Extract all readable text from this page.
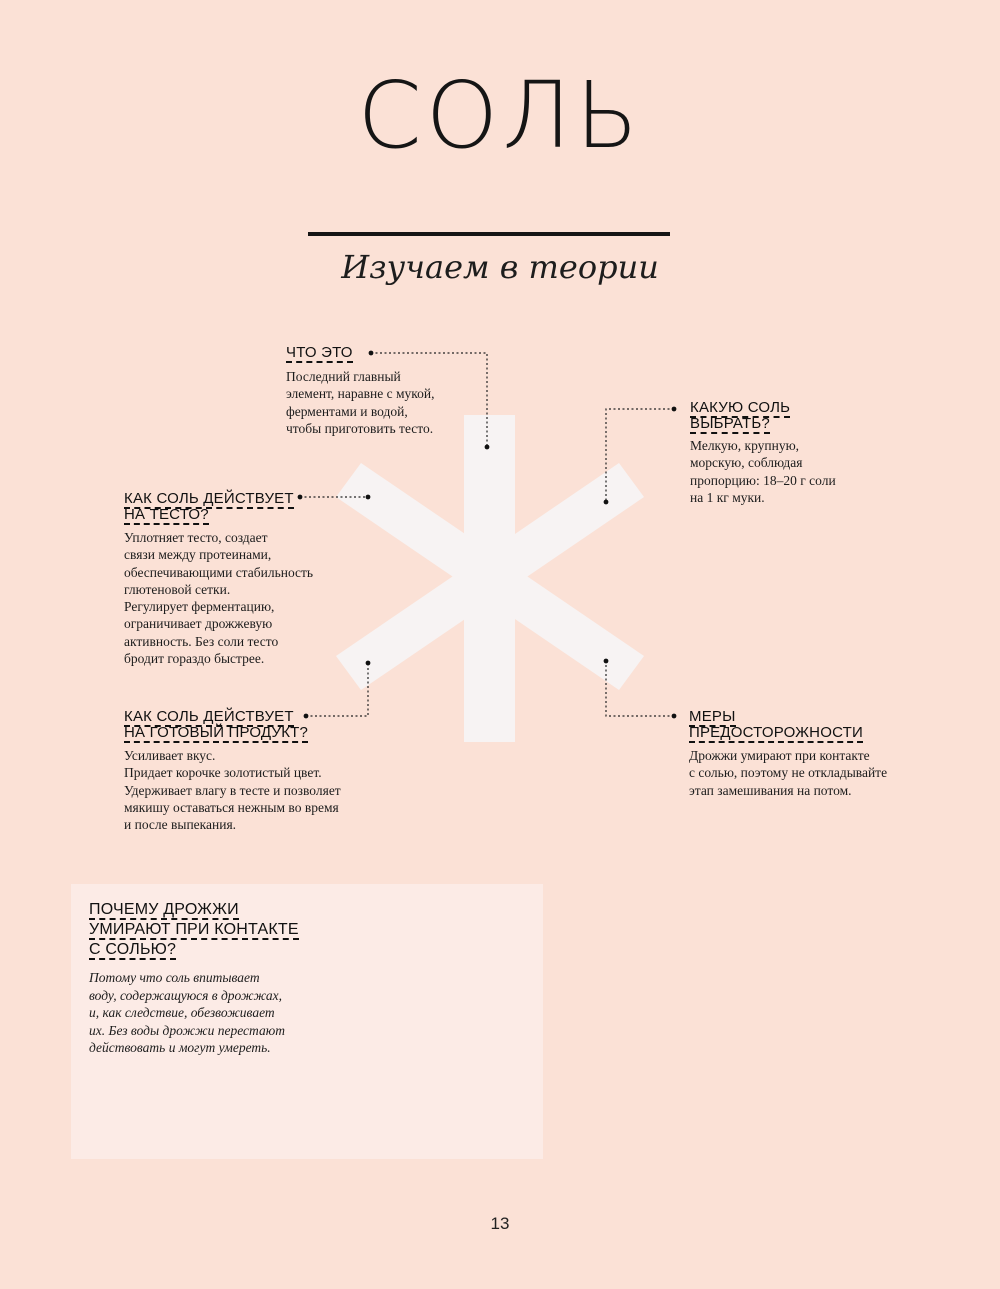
СОЛЬ
Изучаем в теории
ЧТО ЭТО
Последний главный
элемент, наравне с мукой,
ферментами и водой,
чтобы приготовить тесто.
КАКУЮ СОЛЬ
ВЫБРАТЬ?
Мелкую, крупную,
морскую, соблюдая
пропорцию: 18–20 г соли
на 1 кг муки.
КАК СОЛЬ ДЕЙСТВУЕТ
НА ТЕСТО?
Уплотняет тесто, создает
связи между протеинами,
обеспечивающими стабильность
глютеновой сетки.
Регулирует ферментацию,
ограничивает дрожжевую
активность. Без соли тесто
бродит гораздо быстрее.
КАК СОЛЬ ДЕЙСТВУЕТ
НА ГОТОВЫЙ ПРОДУКТ?
Усиливает вкус.
Придает корочке золотистый цвет.
Удерживает влагу в тесте и позволяет
мякишу оставаться нежным во время
и после выпекания.
МЕРЫ
ПРЕДОСТОРОЖНОСТИ
Дрожжи умирают при контакте
с солью, поэтому не откладывайте
этап замешивания на потом.
ПОЧЕМУ ДРОЖЖИ
УМИРАЮТ ПРИ КОНТАКТЕ
С СОЛЬЮ?
Потому что соль впитывает
воду, содержащуюся в дрожжах,
и, как следствие, обезвоживает
их. Без воды дрожжи перестают
действовать и могут умереть.
13
